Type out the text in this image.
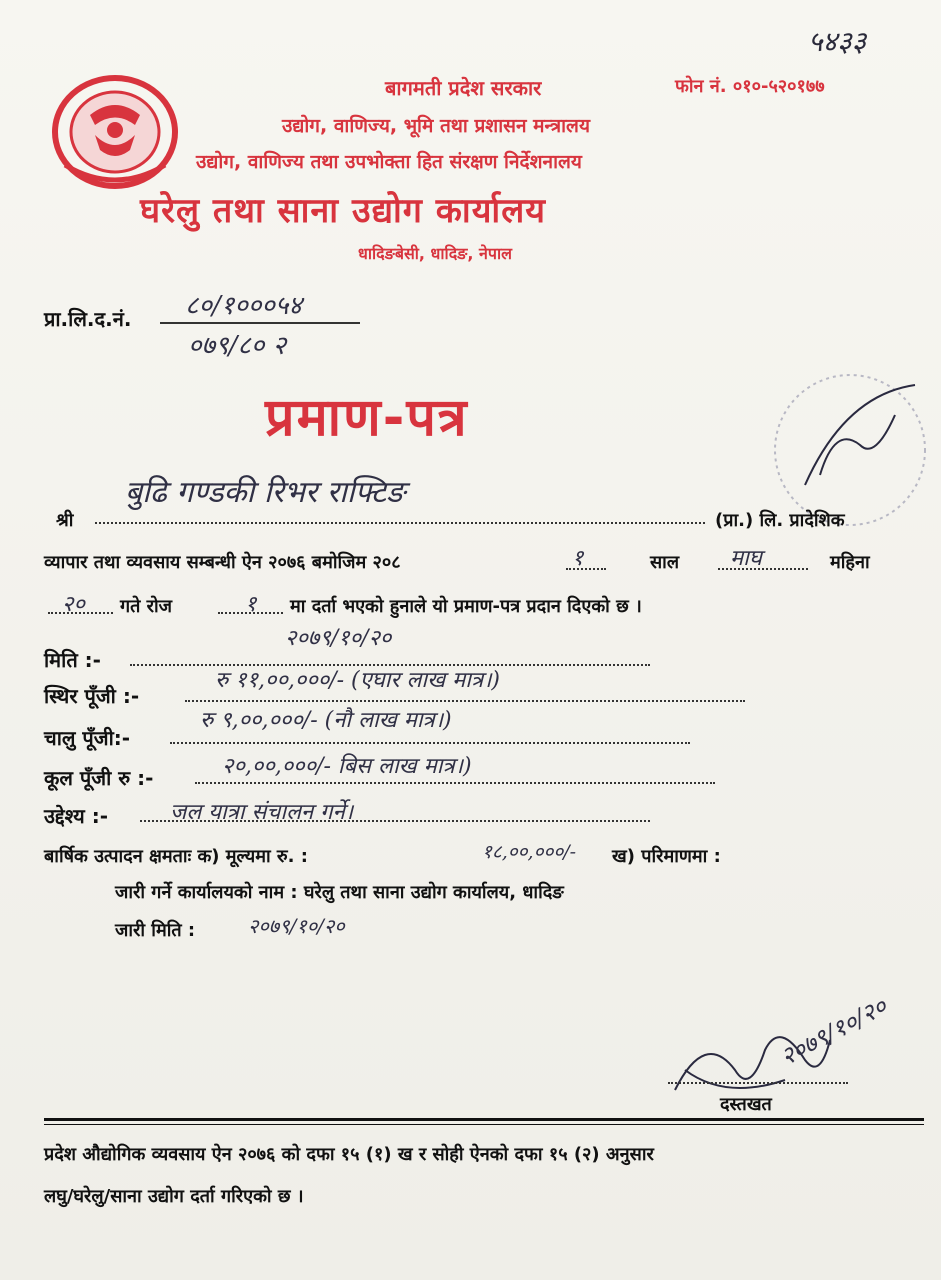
५४३३
बागमती प्रदेश सरकार	फोन नं. ०१०-५२०१७७
उद्योग, वाणिज्य, भूमि तथा प्रशासन मन्त्रालय
उद्योग, वाणिज्य तथा उपभोक्ता हित संरक्षण निर्देशनालय
घरेलु तथा साना उद्योग कार्यालय
धादिङबेसी, धादिङ, नेपाल
प्रा.लि.द.नं. ८०/१०००५४
०७९/८० २
प्रमाण-पत्र
श्री
बुढि गण्डकी रिभर राफ्टिङ
(प्रा.) लि. प्रादेशिक
व्यापार तथा व्यवसाय सम्बन्धी ऐन २०७६ बमोजिम २०८	१	साल माघ	महिना
२० गते रोज	१ मा दर्ता भएको हुनाले यो प्रमाण-पत्र प्रदान दिएको छ ।
मिति :-
२०७९/१०/२०
स्थिर पूँजी :-
रु ११,००,०००/- (एघार लाख मात्र।)
चालु पूँजी:-
रु ९,००,०००/- (नौ लाख मात्र।)
कूल पूँजी रु :-	२०,००,०००/- बिस लाख मात्र।)
उद्देश्य :-	जल यात्रा संचालन गर्ने।
बार्षिक उत्पादन क्षमताः क) मूल्यमा रु. :	१८,००,०००/- ख) परिमाणमा :
जारी गर्ने कार्यालयको नाम : घरेलु तथा साना उद्योग कार्यालय, धादिङ
जारी मिति :	२०७९/१०/२०
दस्तखत
२०७९/१०/२०
प्रदेश औद्योगिक व्यवसाय ऐन २०७६ को दफा १५ (१) ख र सोही ऐनको दफा १५ (२) अनुसार
लघु/घरेलु/साना उद्योग दर्ता गरिएको छ ।
